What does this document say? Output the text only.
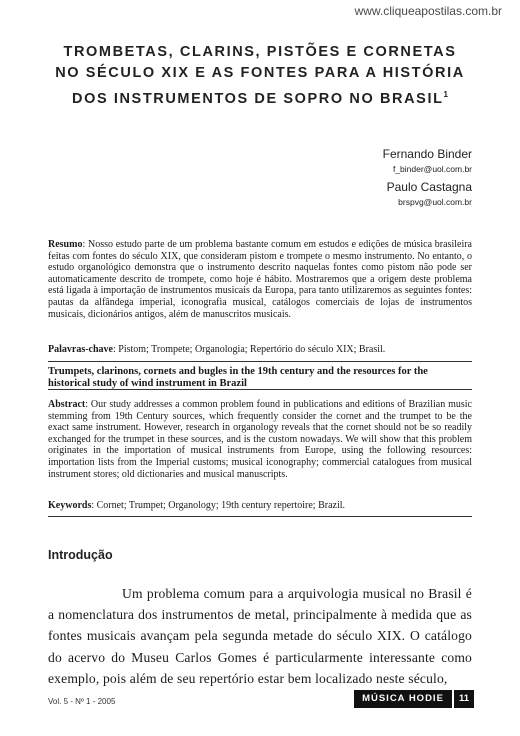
www.cliqueapostilas.com.br
TROMBETAS, CLARINS, PISTÕES E CORNETAS
NO SÉCULO XIX E AS FONTES PARA A HISTÓRIA
DOS INSTRUMENTOS DE SOPRO NO BRASIL$^1$
Fernando Binder
f_binder@uol.com.br
Paulo Castagna
brspvg@uol.com.br
Resumo: Nosso estudo parte de um problema bastante comum em estudos e edições de música brasileira feitas com fontes do século XIX, que consideram pistom e trompete o mesmo instrumento. No entanto, o estudo organológico demonstra que o instrumento descrito naquelas fontes como pistom não pode ser automaticamente descrito de trompete, como hoje é hábito. Mostraremos que a origem deste problema está ligada à importação de instrumentos musicais da Europa, para tanto utilizaremos as seguintes fontes: pautas da alfândega imperial, iconografia musical, catálogos comerciais de lojas de instrumentos musicais, dicionários antigos, além de manuscritos musicais.
Palavras-chave: Pistom; Trompete; Organologia; Repertório do século XIX; Brasil.
Trumpets, clarinons, cornets and bugles in the 19th century and the resources for the historical study of wind instrument in Brazil
Abstract: Our study addresses a common problem found in publications and editions of Brazilian music stemming from 19th Century sources, which frequently consider the cornet and the trumpet to be the exact same instrument. However, research in organology reveals that the cornet should not be so readily exchanged for the trumpet in these sources, and is the custom nowadays. We will show that this problem originates in the importation of musical instruments from Europe, using the following resources: importation lists from the Imperial customs; musical iconography; commercial catalogues from musical instrument stores; old dictionaries and musical manuscripts.
Keywords: Cornet; Trumpet; Organology; 19th century repertoire; Brazil.
Introdução
Um problema comum para a arquivologia musical no Brasil é a nomenclatura dos instrumentos de metal, principalmente à medida que as fontes musicais avançam pela segunda metade do século XIX. O catálogo do acervo do Museu Carlos Gomes é particularmente interessante como exemplo, pois além de seu repertório estar bem localizado neste século,
Vol. 5 - Nº 1 - 2005	MÚSICA HODIE	11
